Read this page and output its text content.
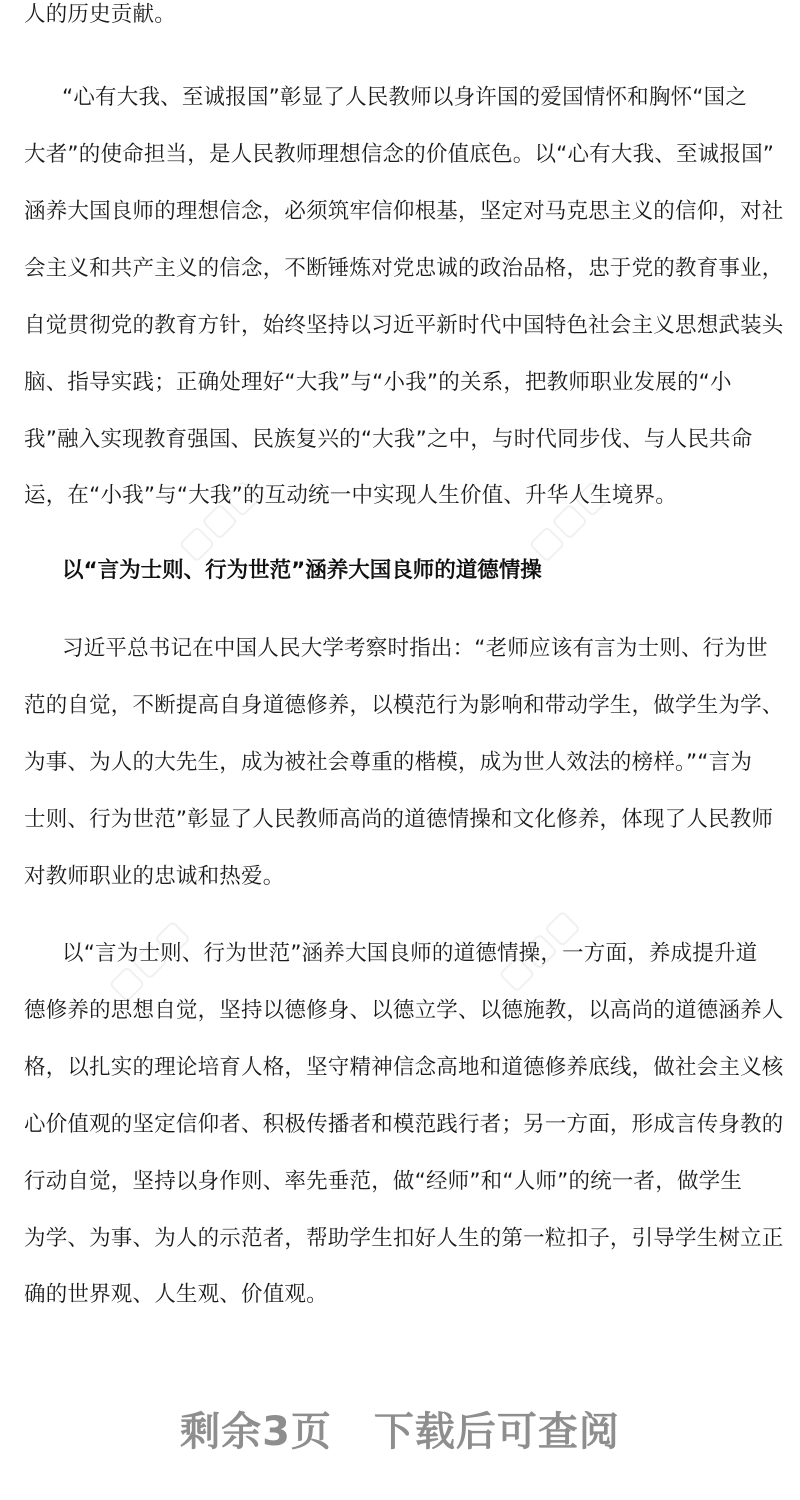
人的历史贡献。
“心有大我、至诚报国”彰显了人民教师以身许国的爱国情怀和胸怀“国之
大者”的使命担当，是人民教师理想信念的价值底色。以“心有大我、至诚报国”
涵养大国良师的理想信念，必须筑牢信仰根基，坚定对马克思主义的信仰，对社
会主义和共产主义的信念，不断锤炼对党忠诚的政治品格，忠于党的教育事业，
自觉贯彻党的教育方针，始终坚持以习近平新时代中国特色社会主义思想武装头
脑、指导实践；正确处理好“大我”与“小我”的关系，把教师职业发展的“小
我”融入实现教育强国、民族复兴的“大我”之中，与时代同步伐、与人民共命
运，在“小我”与“大我”的互动统一中实现人生价值、升华人生境界。
以“言为士则、行为世范”涵养大国良师的道德情操
习近平总书记在中国人民大学考察时指出：“老师应该有言为士则、行为世
范的自觉，不断提高自身道德修养，以模范行为影响和带动学生，做学生为学、
为事、为人的大先生，成为被社会尊重的楷模，成为世人效法的榜样。”“言为
士则、行为世范”彰显了人民教师高尚的道德情操和文化修养，体现了人民教师
对教师职业的忠诚和热爱。
以“言为士则、行为世范”涵养大国良师的道德情操，一方面，养成提升道
德修养的思想自觉，坚持以德修身、以德立学、以德施教，以高尚的道德涵养人
格，以扎实的理论培育人格，坚守精神信念高地和道德修养底线，做社会主义核
心价值观的坚定信仰者、积极传播者和模范践行者；另一方面，形成言传身教的
行动自觉，坚持以身作则、率先垂范，做“经师”和“人师”的统一者，做学生
为学、为事、为人的示范者，帮助学生扣好人生的第一粒扣子，引导学生树立正
确的世界观、人生观、价值观。
▢▢▢	▢▢▢
▢▢▢	▢▢▢
剩余3页 下载后可查阅
